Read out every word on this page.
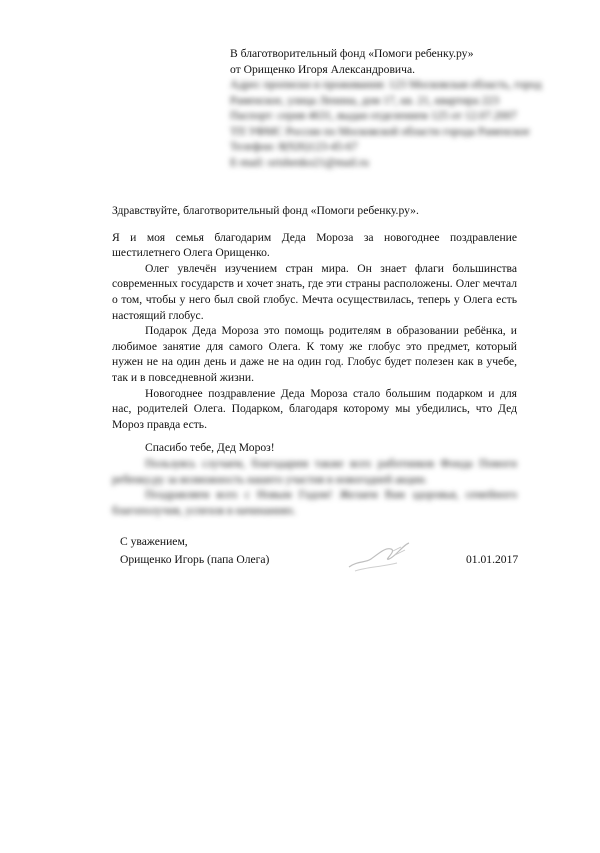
В благотворительный фонд «Помоги ребенку.ру»
от Орищенко Игоря Александровича.
Адрес прописки и проживания: 123 Московская область, город
Раменское, улица Ленина, дом 17, кв. 21, квартира 223
Паспорт: серия 4631, выдан отделением 125 от 12.07.2007
ТП УФМС России по Московской области города Раменское
Телефон: 8(926)123-45-67
E-mail: orishenko21@mail.ru

Здравствуйте, благотворительный фонд «Помоги ребенку.ру».

Я и моя семья благодарим Деда Мороза за новогоднее поздравление шестилетнего Олега Орищенко.

Олег увлечён изучением стран мира. Он знает флаги большинства современных государств и хочет знать, где эти страны расположены. Олег мечтал о том, чтобы у него был свой глобус. Мечта осуществилась, теперь у Олега есть настоящий глобус.

Подарок Деда Мороза это помощь родителям в образовании ребёнка, и любимое занятие для самого Олега. К тому же глобус это предмет, который нужен не на один день и даже не на один год. Глобус будет полезен как в учебе, так и в повседневной жизни.

Новогоднее поздравление Деда Мороза стало большим подарком и для нас, родителей Олега. Подарком, благодаря которому мы убедились, что Дед Мороз правда есть.

Спасибо тебе, Дед Мороз!

Пользуясь случаем, благодарим также всех работников Фонда Помоги ребенку.ру за возможность нашего участия в новогодней акции.

Поздравляем всех с Новым Годом! Желаем Вам здоровья, семейного благополучия, успехов в начинаниях.

С уважением,
Орищенко Игорь (папа Олега)	01.01.2017
